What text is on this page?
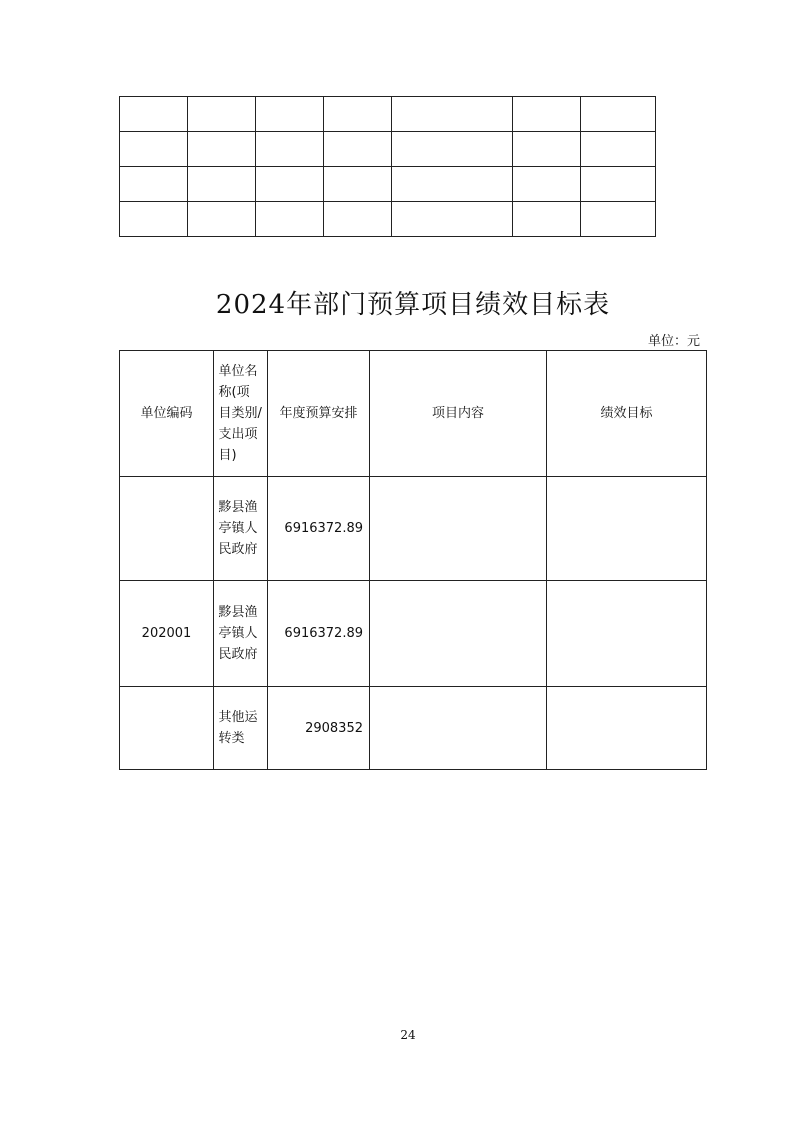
2024年部门预算项目绩效目标表
单位：元
单位编码	单位名称(项目类别/支出项目)	年度预算安排	项目内容	绩效目标
	黟县渔亭镇人民政府	6916372.89		
202001	黟县渔亭镇人民政府	6916372.89		
	其他运转类	2908352		
24
